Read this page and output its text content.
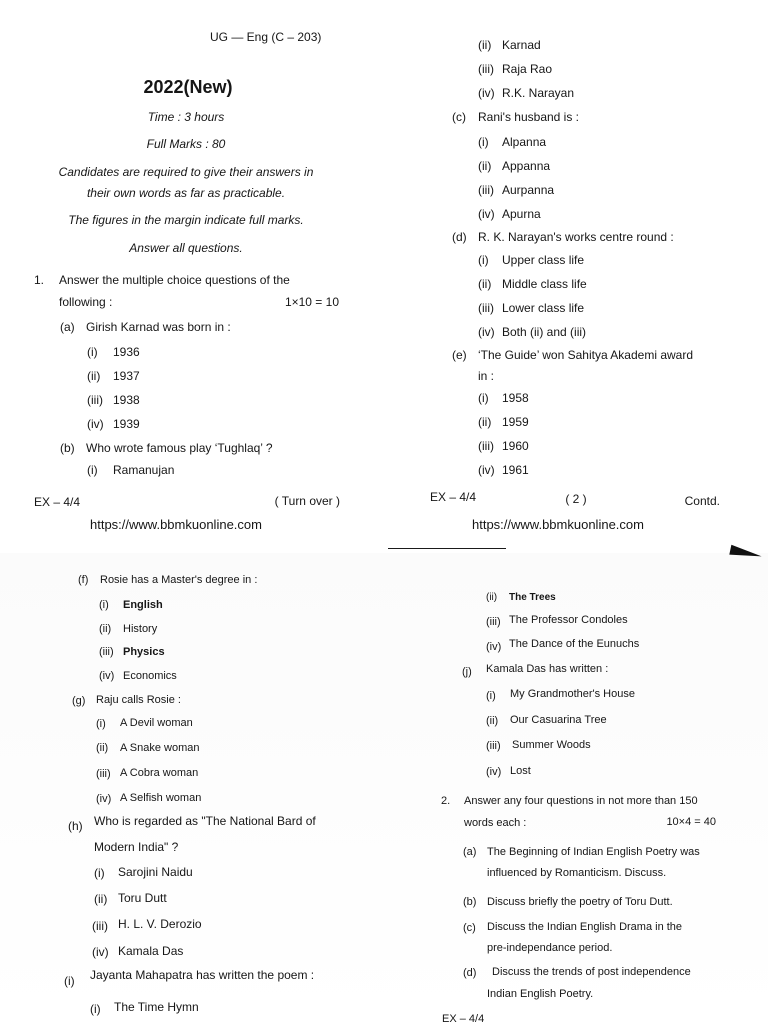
UG — Eng (C – 203)
2022(New)
Time : 3 hours
Full Marks : 80
Candidates are required to give their answers in
their own words as far as practicable.
The figures in the margin indicate full marks.
Answer all questions.
1. Answer the multiple choice questions of the
following :	1×10 = 10
(a) Girish Karnad was born in :
(i) 1936
(ii) 1937
(iii) 1938
(iv) 1939
(b) Who wrote famous play ‘Tughlaq’ ?
(i) Ramanujan
EX – 4/4	( Turn over )
https://www.bbmkuonline.com
(ii) Karnad
(iii) Raja Rao
(iv) R.K. Narayan
(c) Rani's husband is :
(i) Alpanna
(ii) Appanna
(iii) Aurpanna
(iv) Apurna
(d) R. K. Narayan's works centre round :
(i) Upper class life
(ii) Middle class life
(iii) Lower class life
(iv) Both (ii) and (iii)
(e) ‘The Guide’ won Sahitya Akademi award
in :
(i) 1958
(ii) 1959
(iii) 1960
(iv) 1961
EX – 4/4	( 2 )	Contd.
https://www.bbmkuonline.com
(f) Rosie has a Master's degree in :
(i) English
(ii) History
(iii) Physics
(iv) Economics
(g) Raju calls Rosie :
(i) A Devil woman
(ii) A Snake woman
(iii) A Cobra woman
(iv) A Selfish woman
(h) Who is regarded as "The National Bard of
Modern India" ?
(i) Sarojini Naidu
(ii) Toru Dutt
(iii) H. L. V. Derozio
(iv) Kamala Das
(i) Jayanta Mahapatra has written the poem :
(i) The Time Hymn
(ii) The Trees
(iii) The Professor Condoles
(iv) The Dance of the Eunuchs
(j) Kamala Das has written :
(i) My Grandmother's House
(ii) Our Casuarina Tree
(iii) Summer Woods
(iv) Lost
2. Answer any four questions in not more than 150
words each :	10×4 = 40
(a) The Beginning of Indian English Poetry was
influenced by Romanticism. Discuss.
(b) Discuss briefly the poetry of Toru Dutt.
(c) Discuss the Indian English Drama in the
pre-independance period.
(d) Discuss the trends of post independence
Indian English Poetry.
EX – 4/4
